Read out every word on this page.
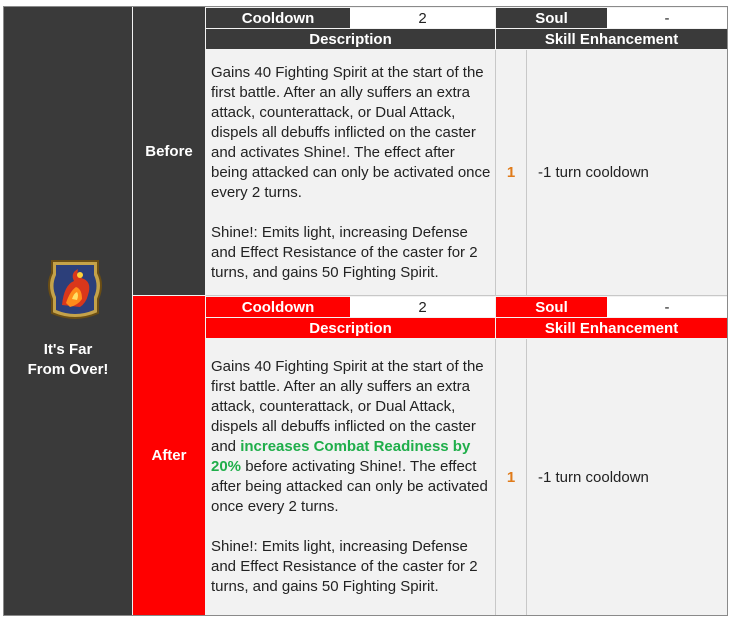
It's Far
From Over!
Before
Cooldown	2	Soul	-
Description	Skill Enhancement

Gains 40 Fighting Spirit at the start of the first battle. After an ally suffers an extra attack, counterattack, or Dual Attack, dispels all debuffs inflicted on the caster and activates Shine!. The effect after being attacked can only be activated once every 2 turns.

Shine!: Emits light, increasing Defense and Effect Resistance of the caster for 2 turns, and gains 50 Fighting Spirit.

1 -1 turn cooldown
After
Cooldown	2	Soul	-
Description	Skill Enhancement

Gains 40 Fighting Spirit at the start of the first battle. After an ally suffers an extra attack, counterattack, or Dual Attack, dispels all debuffs inflicted on the caster and increases Combat Readiness by 20% before activating Shine!. The effect after being attacked can only be activated once every 2 turns.

Shine!: Emits light, increasing Defense and Effect Resistance of the caster for 2 turns, and gains 50 Fighting Spirit.

1 -1 turn cooldown
